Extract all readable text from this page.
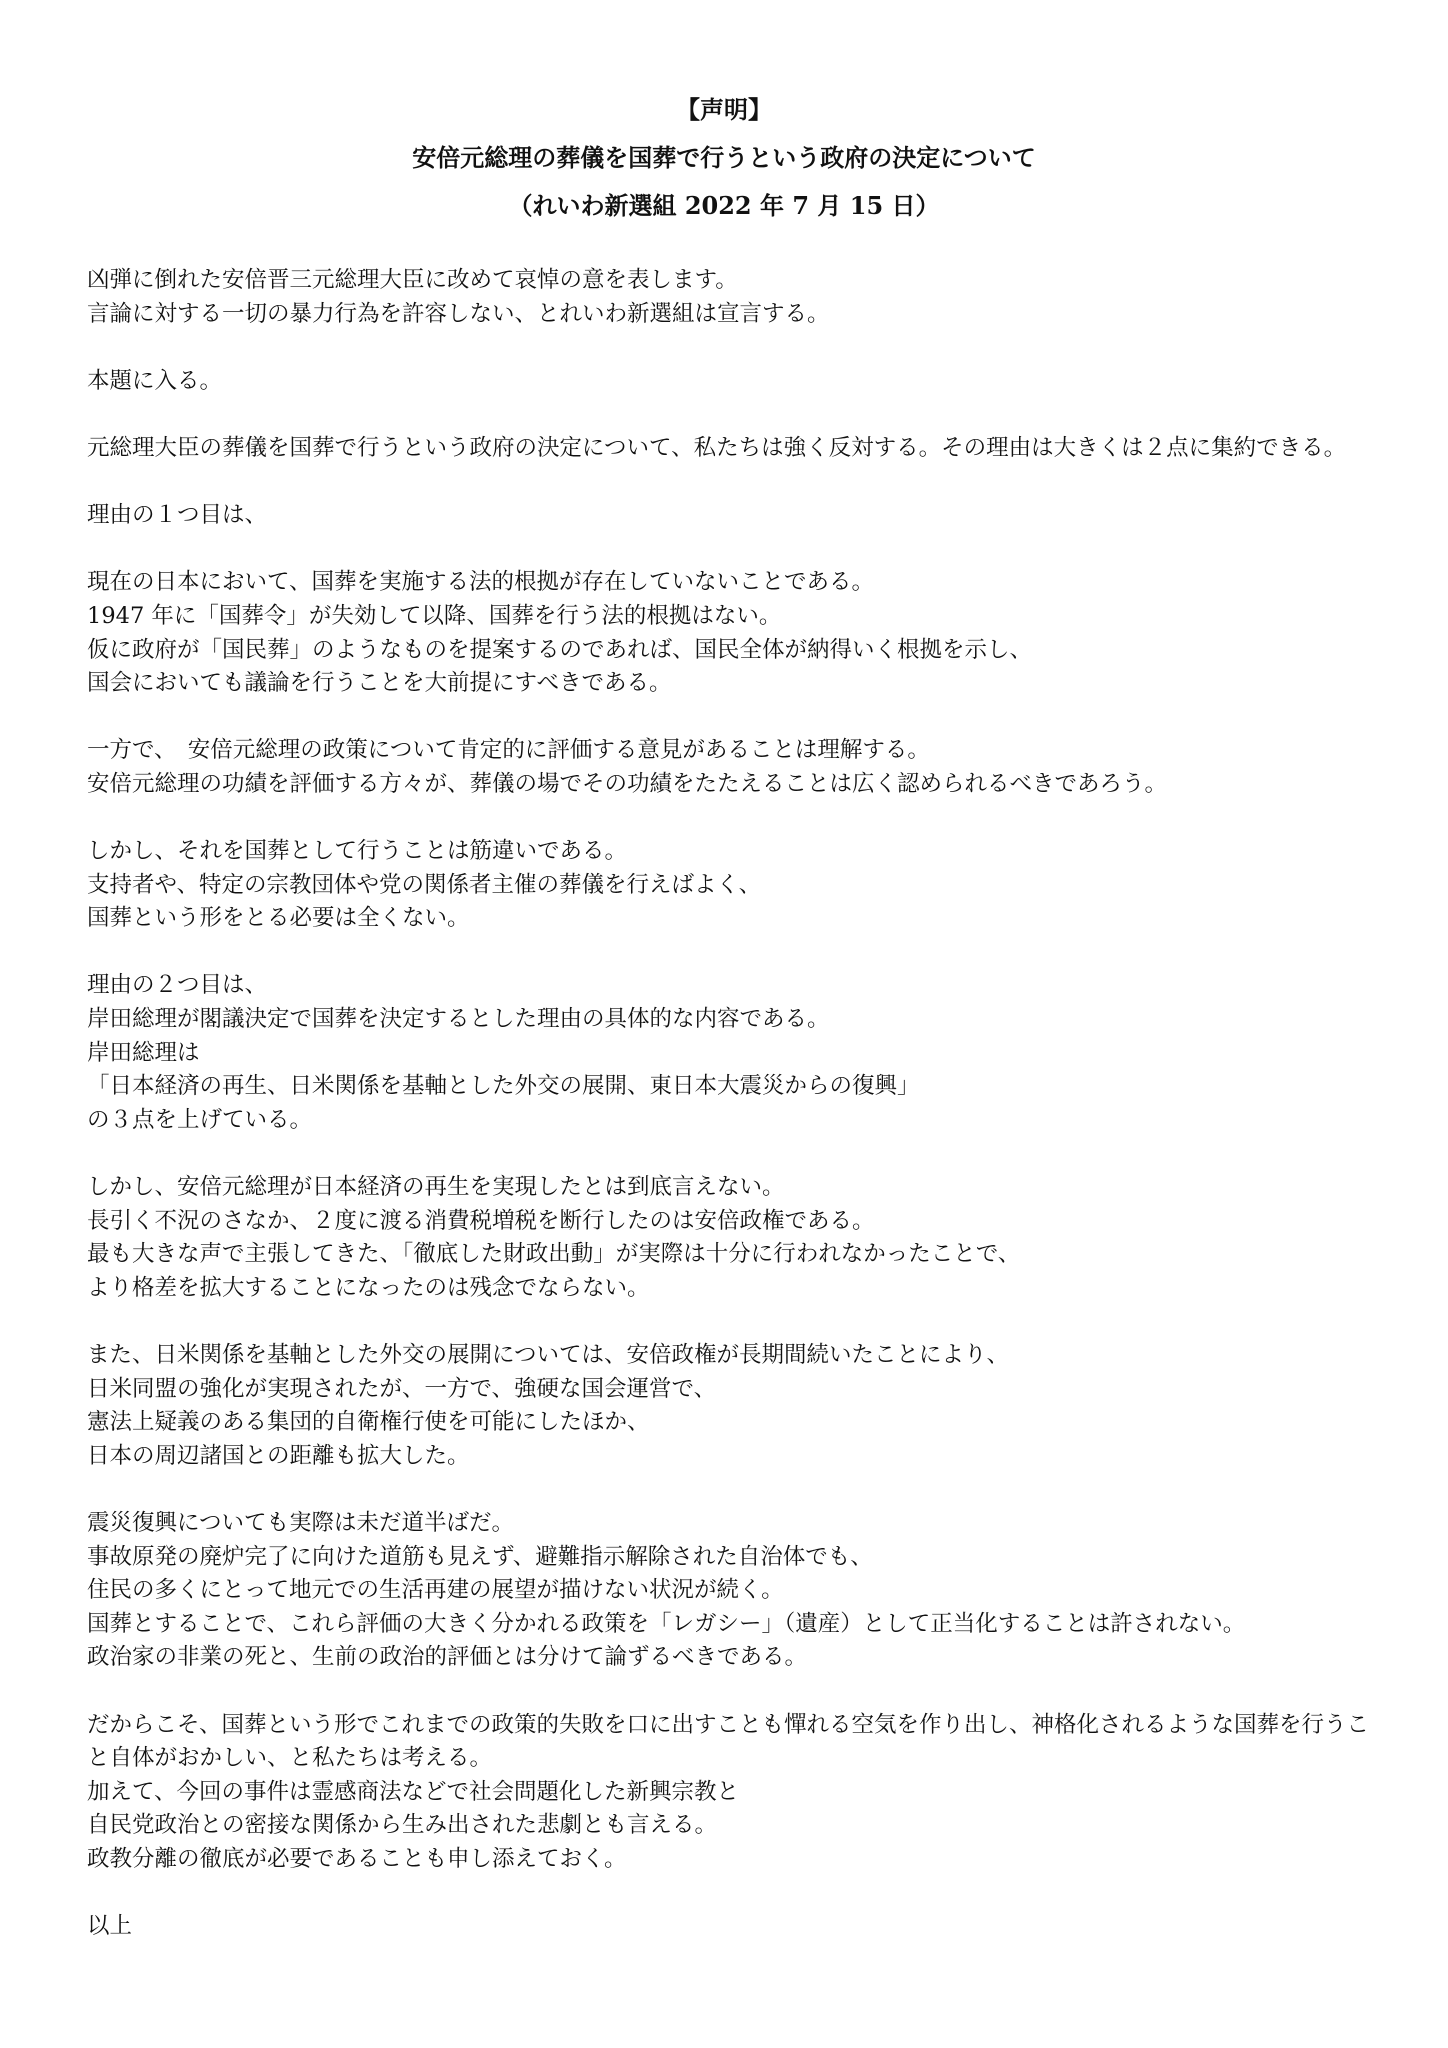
【声明】
安倍元総理の葬儀を国葬で行うという政府の決定について
（れいわ新選組 2022 年 7 月 15 日）
凶弾に倒れた安倍晋三元総理大臣に改めて哀悼の意を表します。
言論に対する一切の暴力行為を許容しない、とれいわ新選組は宣言する。
本題に入る。
元総理大臣の葬儀を国葬で行うという政府の決定について、私たちは強く反対する。その理由は大きくは２点に集約できる。
理由の１つ目は、
現在の日本において、国葬を実施する法的根拠が存在していないことである。
1947 年に「国葬令」が失効して以降、国葬を行う法的根拠はない。
仮に政府が「国民葬」のようなものを提案するのであれば、国民全体が納得いく根拠を示し、
国会においても議論を行うことを大前提にすべきである。
一方で、　安倍元総理の政策について肯定的に評価する意見があることは理解する。
安倍元総理の功績を評価する方々が、葬儀の場でその功績をたたえることは広く認められるべきであろう。
しかし、それを国葬として行うことは筋違いである。
支持者や、特定の宗教団体や党の関係者主催の葬儀を行えばよく、
国葬という形をとる必要は全くない。
理由の２つ目は、
岸田総理が閣議決定で国葬を決定するとした理由の具体的な内容である。
岸田総理は
「日本経済の再生、日米関係を基軸とした外交の展開、東日本大震災からの復興」
の３点を上げている。
しかし、安倍元総理が日本経済の再生を実現したとは到底言えない。
長引く不況のさなか、２度に渡る消費税増税を断行したのは安倍政権である。
最も大きな声で主張してきた、「徹底した財政出動」が実際は十分に行われなかったことで、
より格差を拡大することになったのは残念でならない。
また、日米関係を基軸とした外交の展開については、安倍政権が長期間続いたことにより、
日米同盟の強化が実現されたが、一方で、強硬な国会運営で、
憲法上疑義のある集団的自衛権行使を可能にしたほか、
日本の周辺諸国との距離も拡大した。
震災復興についても実際は未だ道半ばだ。
事故原発の廃炉完了に向けた道筋も見えず、避難指示解除された自治体でも、
住民の多くにとって地元での生活再建の展望が描けない状況が続く。
国葬とすることで、これら評価の大きく分かれる政策を「レガシー」（遺産）として正当化することは許されない。
政治家の非業の死と、生前の政治的評価とは分けて論ずるべきである。
だからこそ、国葬という形でこれまでの政策的失敗を口に出すことも憚れる空気を作り出し、神格化されるような国葬を行うこと自体がおかしい、と私たちは考える。
加えて、今回の事件は霊感商法などで社会問題化した新興宗教と
自民党政治との密接な関係から生み出された悲劇とも言える。
政教分離の徹底が必要であることも申し添えておく。
以上
